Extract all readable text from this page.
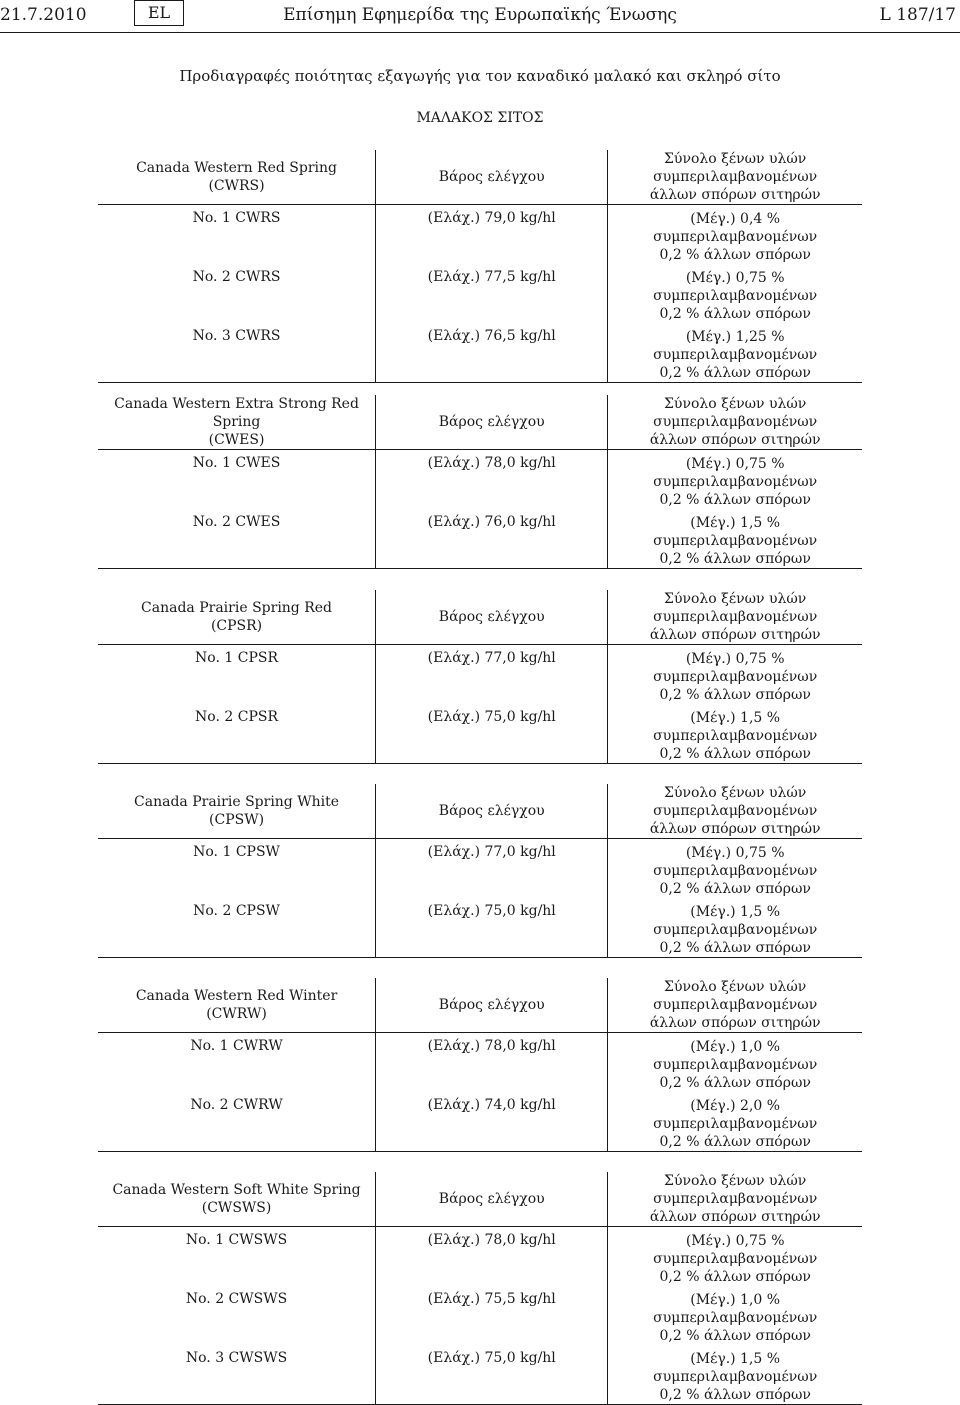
21.7.2010	EL	Επίσημη Εφημερίδα της Ευρωπαϊκής Ένωσης	L 187/17
Προδιαγραφές ποιότητας εξαγωγής για τον καναδικό μαλακό και σκληρό σίτο
ΜΑΛΑΚΟΣ ΣΙΤΟΣ
Canada Western Red Spring
(CWRS)	Βάρος ελέγχου	Σύνολο ξένων υλών συμπεριλαμβανομένων
άλλων σπόρων σιτηρών

No. 1 CWRS	(Ελάχ.) 79,0 kg/hl	(Μέγ.) 0,4 % συμπεριλαμβανομένων
0,2 % άλλων σπόρων

No. 2 CWRS	(Ελάχ.) 77,5 kg/hl	(Μέγ.) 0,75 % συμπεριλαμβανομένων
0,2 % άλλων σπόρων

No. 3 CWRS	(Ελάχ.) 76,5 kg/hl	(Μέγ.) 1,25 % συμπεριλαμβανομένων
0,2 % άλλων σπόρων
Canada Western Extra Strong Red Spring
(CWES)	Βάρος ελέγχου	Σύνολο ξένων υλών συμπεριλαμβανομένων
άλλων σπόρων σιτηρών

No. 1 CWES	(Ελάχ.) 78,0 kg/hl	(Μέγ.) 0,75 % συμπεριλαμβανομένων
0,2 % άλλων σπόρων

No. 2 CWES	(Ελάχ.) 76,0 kg/hl	(Μέγ.) 1,5 % συμπεριλαμβανομένων
0,2 % άλλων σπόρων
Canada Prairie Spring Red
(CPSR)	Βάρος ελέγχου	Σύνολο ξένων υλών συμπεριλαμβανομένων
άλλων σπόρων σιτηρών

No. 1 CPSR	(Ελάχ.) 77,0 kg/hl	(Μέγ.) 0,75 % συμπεριλαμβανομένων
0,2 % άλλων σπόρων

No. 2 CPSR	(Ελάχ.) 75,0 kg/hl	(Μέγ.) 1,5 % συμπεριλαμβανομένων
0,2 % άλλων σπόρων
Canada Prairie Spring White
(CPSW)	Βάρος ελέγχου	Σύνολο ξένων υλών συμπεριλαμβανομένων
άλλων σπόρων σιτηρών

No. 1 CPSW	(Ελάχ.) 77,0 kg/hl	(Μέγ.) 0,75 % συμπεριλαμβανομένων
0,2 % άλλων σπόρων

No. 2 CPSW	(Ελάχ.) 75,0 kg/hl	(Μέγ.) 1,5 % συμπεριλαμβανομένων
0,2 % άλλων σπόρων
Canada Western Red Winter
(CWRW)	Βάρος ελέγχου	Σύνολο ξένων υλών συμπεριλαμβανομένων
άλλων σπόρων σιτηρών

No. 1 CWRW	(Ελάχ.) 78,0 kg/hl	(Μέγ.) 1,0 % συμπεριλαμβανομένων
0,2 % άλλων σπόρων

No. 2 CWRW	(Ελάχ.) 74,0 kg/hl	(Μέγ.) 2,0 % συμπεριλαμβανομένων
0,2 % άλλων σπόρων
Canada Western Soft White Spring
(CWSWS)	Βάρος ελέγχου	Σύνολο ξένων υλών συμπεριλαμβανομένων
άλλων σπόρων σιτηρών

No. 1 CWSWS	(Ελάχ.) 78,0 kg/hl	(Μέγ.) 0,75 % συμπεριλαμβανομένων
0,2 % άλλων σπόρων

No. 2 CWSWS	(Ελάχ.) 75,5 kg/hl	(Μέγ.) 1,0 % συμπεριλαμβανομένων
0,2 % άλλων σπόρων

No. 3 CWSWS	(Ελάχ.) 75,0 kg/hl	(Μέγ.) 1,5 % συμπεριλαμβανομένων
0,2 % άλλων σπόρων
